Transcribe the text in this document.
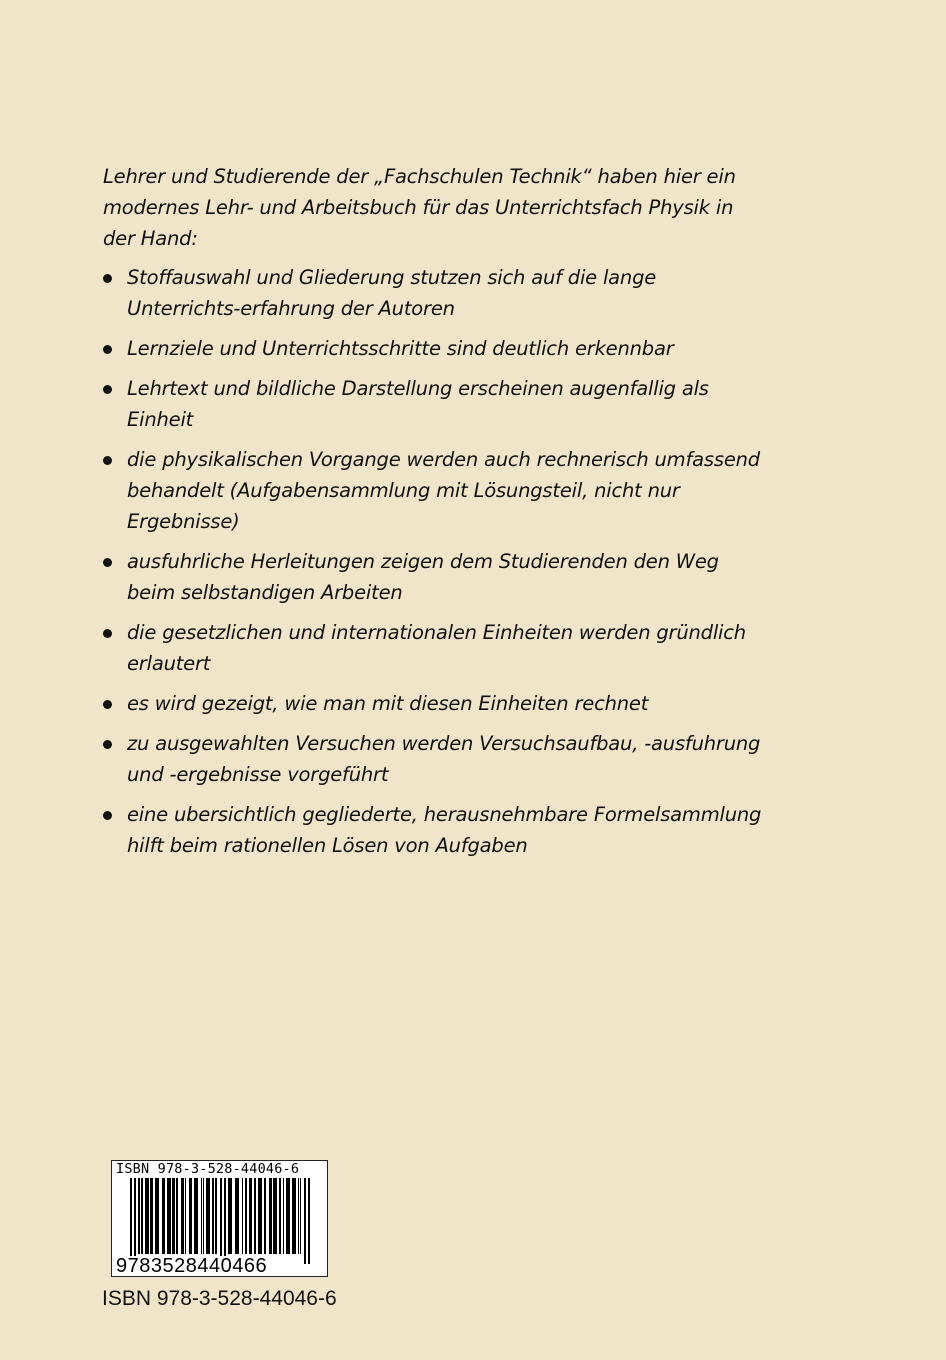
Lehrer und Studierende der „Fachschulen Technik“ haben hier ein modernes Lehr- und Arbeitsbuch für das Unterrichtsfach Physik in der Hand:

Stoffauswahl und Gliederung stutzen sich auf die lange Unterrichts-erfahrung der Autoren
Lernziele und Unterrichtsschritte sind deutlich erkennbar
Lehrtext und bildliche Darstellung erscheinen augenfallig als Einheit
die physikalischen Vorgange werden auch rechnerisch umfassend behandelt (Aufgabensammlung mit Lösungsteil, nicht nur Ergebnisse)
ausfuhrliche Herleitungen zeigen dem Studierenden den Weg beim selbstandigen Arbeiten
die gesetzlichen und internationalen Einheiten werden gründlich erlautert
es wird gezeigt, wie man mit diesen Einheiten rechnet
zu ausgewahlten Versuchen werden Versuchsaufbau, -ausfuhrung und -ergebnisse vorgeführt
eine ubersichtlich gegliederte, herausnehmbare Formelsammlung hilft beim rationellen Lösen von Aufgaben
ISBN 978-3-528-44046-6
9783528440466
ISBN 978-3-528-44046-6
